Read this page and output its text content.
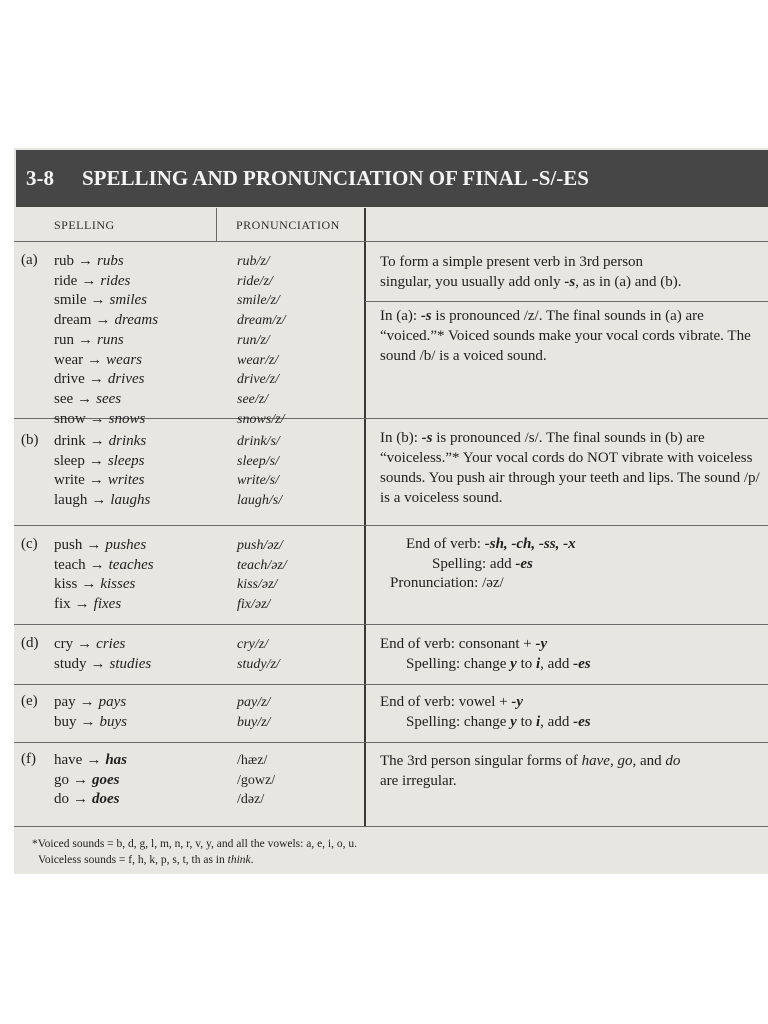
3-8	SPELLING AND PRONUNCIATION OF FINAL -S/-ES
SPELLING	PRONUNCIATION
(a) rub → rubs
ride → rides
smile → smiles
dream → dreams
run → runs
wear → wears
drive → drives
see → sees
snow → snows
rub/z/
ride/z/
smile/z/
dream/z/
run/z/
wear/z/
drive/z/
see/z/
snows/z/
To form a simple present verb in 3rd person
singular, you usually add only -s, as in (a) and (b).
In (a): -s is pronounced /z/. The final sounds in (a) are “voiced.”* Voiced sounds make your vocal cords vibrate. The sound /b/ is a voiced sound.
(b) drink → drinks
sleep → sleeps
write → writes
laugh → laughs
drink/s/
sleep/s/
write/s/
laugh/s/
In (b): -s is pronounced /s/. The final sounds in (b) are “voiceless.”* Your vocal cords do NOT vibrate with voiceless sounds. You push air through your teeth and lips. The sound /p/ is a voiceless sound.
(c) push → pushes
teach → teaches
kiss → kisses
fix → fixes
push/əz/
teach/əz/
kiss/əz/
fix/əz/
End of verb: -sh, -ch, -ss, -x
Spelling: add -es
Pronunciation: /əz/
(d) cry → cries
study → studies
cry/z/
study/z/
End of verb: consonant + -y
Spelling: change y to i, add -es
(e) pay → pays
buy → buys
pay/z/
buy/z/
End of verb: vowel + -y
Spelling: change y to i, add -es
(f) have → has
go → goes
do → does
/hæz/
/gowz/
/dəz/
The 3rd person singular forms of have, go, and do
are irregular.
*Voiced sounds = b, d, g, l, m, n, r, v, y, and all the vowels: a, e, i, o, u.
Voiceless sounds = f, h, k, p, s, t, th as in think.
